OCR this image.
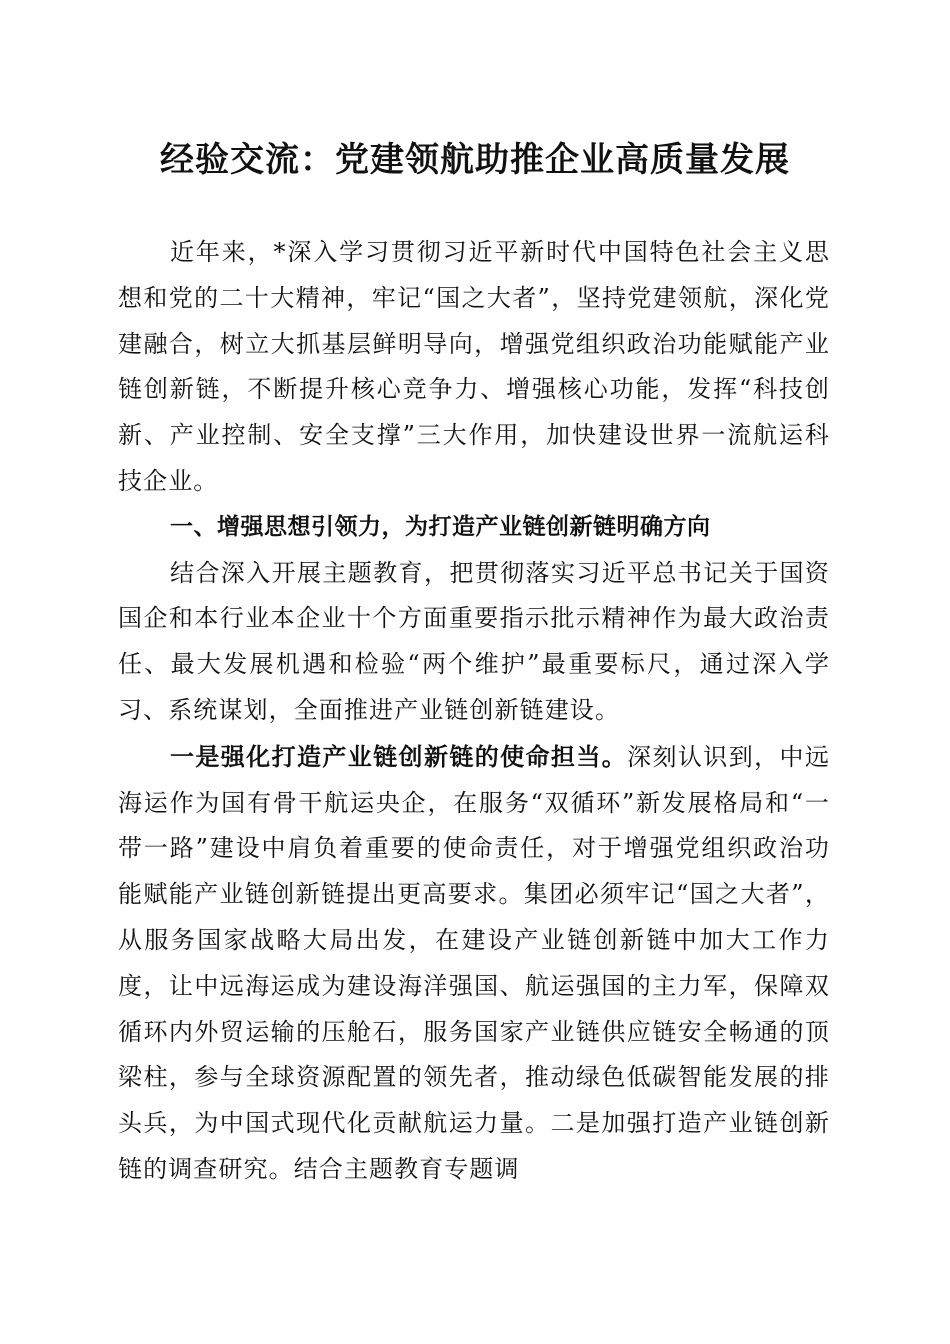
经验交流：党建领航助推企业高质量发展

近年来，*深入学习贯彻习近平新时代中国特色社会主义思想和党的二十大精神，牢记“国之大者”，坚持党建领航，深化党建融合，树立大抓基层鲜明导向，增强党组织政治功能赋能产业链创新链，不断提升核心竞争力、增强核心功能，发挥“科技创新、产业控制、安全支撑”三大作用，加快建设世界一流航运科技企业。

一、增强思想引领力，为打造产业链创新链明确方向

结合深入开展主题教育，把贯彻落实习近平总书记关于国资国企和本行业本企业十个方面重要指示批示精神作为最大政治责任、最大发展机遇和检验“两个维护”最重要标尺，通过深入学习、系统谋划，全面推进产业链创新链建设。

一是强化打造产业链创新链的使命担当。深刻认识到，中远海运作为国有骨干航运央企，在服务“双循环”新发展格局和“一带一路”建设中肩负着重要的使命责任，对于增强党组织政治功能赋能产业链创新链提出更高要求。集团必须牢记“国之大者”，从服务国家战略大局出发，在建设产业链创新链中加大工作力度，让中远海运成为建设海洋强国、航运强国的主力军，保障双循环内外贸运输的压舱石，服务国家产业链供应链安全畅通的顶梁柱，参与全球资源配置的领先者，推动绿色低碳智能发展的排头兵，为中国式现代化贡献航运力量。二是加强打造产业链创新链的调查研究。结合主题教育专题调
